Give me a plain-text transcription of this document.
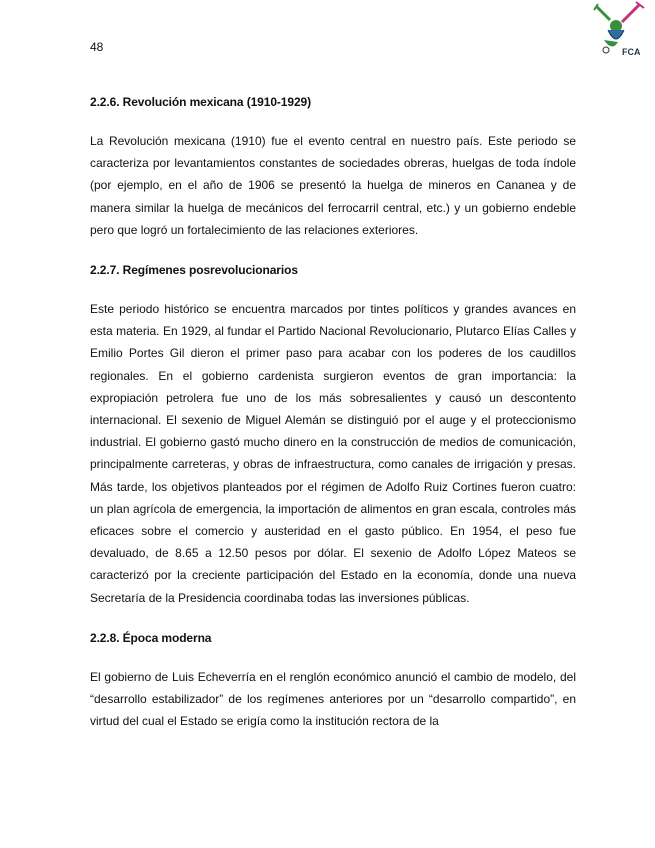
48	FCA
2.2.6. Revolución mexicana (1910-1929)

La Revolución mexicana (1910) fue el evento central en nuestro país. Este periodo se caracteriza por levantamientos constantes de sociedades obreras, huelgas de toda índole (por ejemplo, en el año de 1906 se presentó la huelga de mineros en Cananea y de manera similar la huelga de mecánicos del ferrocarril central, etc.) y un gobierno endeble pero que logró un fortalecimiento de las relaciones exteriores.

2.2.7. Regímenes posrevolucionarios

Este periodo histórico se encuentra marcados por tintes políticos y grandes avances en esta materia. En 1929, al fundar el Partido Nacional Revolucionario, Plutarco Elías Calles y Emilio Portes Gil dieron el primer paso para acabar con los poderes de los caudillos regionales. En el gobierno cardenista surgieron eventos de gran importancia: la expropiación petrolera fue uno de los más sobresalientes y causó un descontento internacional. El sexenio de Miguel Alemán se distinguió por el auge y el proteccionismo industrial. El gobierno gastó mucho dinero en la construcción de medios de comunicación, principalmente carreteras, y obras de infraestructura, como canales de irrigación y presas. Más tarde, los objetivos planteados por el régimen de Adolfo Ruiz Cortines fueron cuatro: un plan agrícola de emergencia, la importación de alimentos en gran escala, controles más eficaces sobre el comercio y austeridad en el gasto público. En 1954, el peso fue devaluado, de 8.65 a 12.50 pesos por dólar. El sexenio de Adolfo López Mateos se caracterizó por la creciente participación del Estado en la economía, donde una nueva Secretaría de la Presidencia coordinaba todas las inversiones públicas.

2.2.8. Época moderna

El gobierno de Luis Echeverría en el renglón económico anunció el cambio de modelo, del “desarrollo estabilizador” de los regímenes anteriores por un “desarrollo compartido”, en virtud del cual el Estado se erigía como la institución rectora de la
